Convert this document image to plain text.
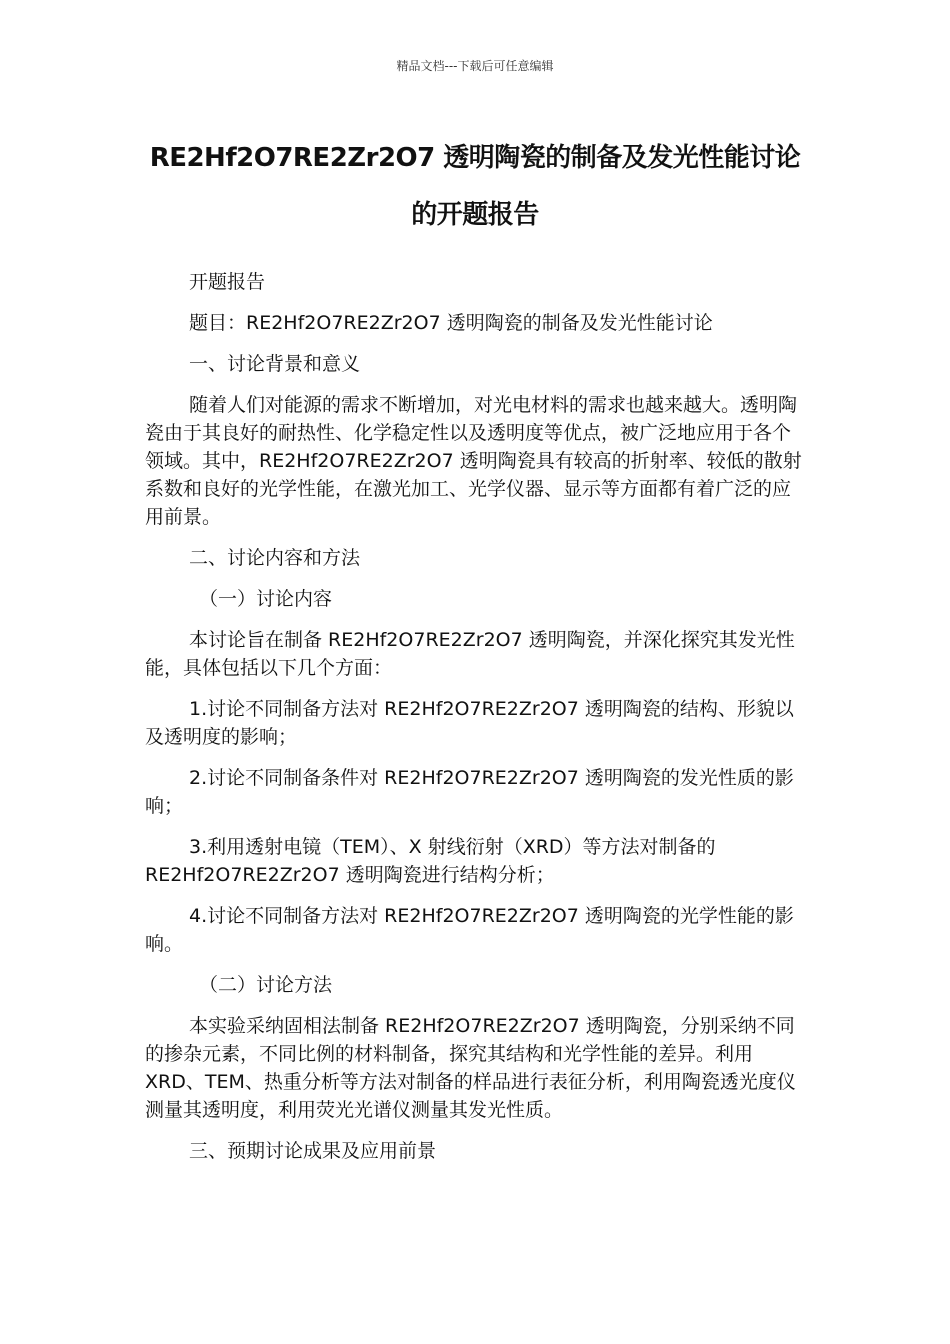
精品文档---下载后可任意编辑
RE2Hf2O7RE2Zr2O7 透明陶瓷的制备及发光性能讨论的开题报告

开题报告

题目：RE2Hf2O7RE2Zr2O7 透明陶瓷的制备及发光性能讨论

一、讨论背景和意义

随着人们对能源的需求不断增加，对光电材料的需求也越来越大。透明陶瓷由于其良好的耐热性、化学稳定性以及透明度等优点，被广泛地应用于各个领域。其中，RE2Hf2O7RE2Zr2O7 透明陶瓷具有较高的折射率、较低的散射系数和良好的光学性能，在激光加工、光学仪器、显示等方面都有着广泛的应用前景。

二、讨论内容和方法

（一）讨论内容

本讨论旨在制备 RE2Hf2O7RE2Zr2O7 透明陶瓷，并深化探究其发光性能，具体包括以下几个方面：

1.讨论不同制备方法对 RE2Hf2O7RE2Zr2O7 透明陶瓷的结构、形貌以及透明度的影响；

2.讨论不同制备条件对 RE2Hf2O7RE2Zr2O7 透明陶瓷的发光性质的影响；

3.利用透射电镜（TEM）、X 射线衍射（XRD）等方法对制备的 RE2Hf2O7RE2Zr2O7 透明陶瓷进行结构分析；

4.讨论不同制备方法对 RE2Hf2O7RE2Zr2O7 透明陶瓷的光学性能的影响。

（二）讨论方法

本实验采纳固相法制备 RE2Hf2O7RE2Zr2O7 透明陶瓷，分别采纳不同的掺杂元素，不同比例的材料制备，探究其结构和光学性能的差异。利用 XRD、TEM、热重分析等方法对制备的样品进行表征分析，利用陶瓷透光度仪测量其透明度，利用荧光光谱仪测量其发光性质。

三、预期讨论成果及应用前景
